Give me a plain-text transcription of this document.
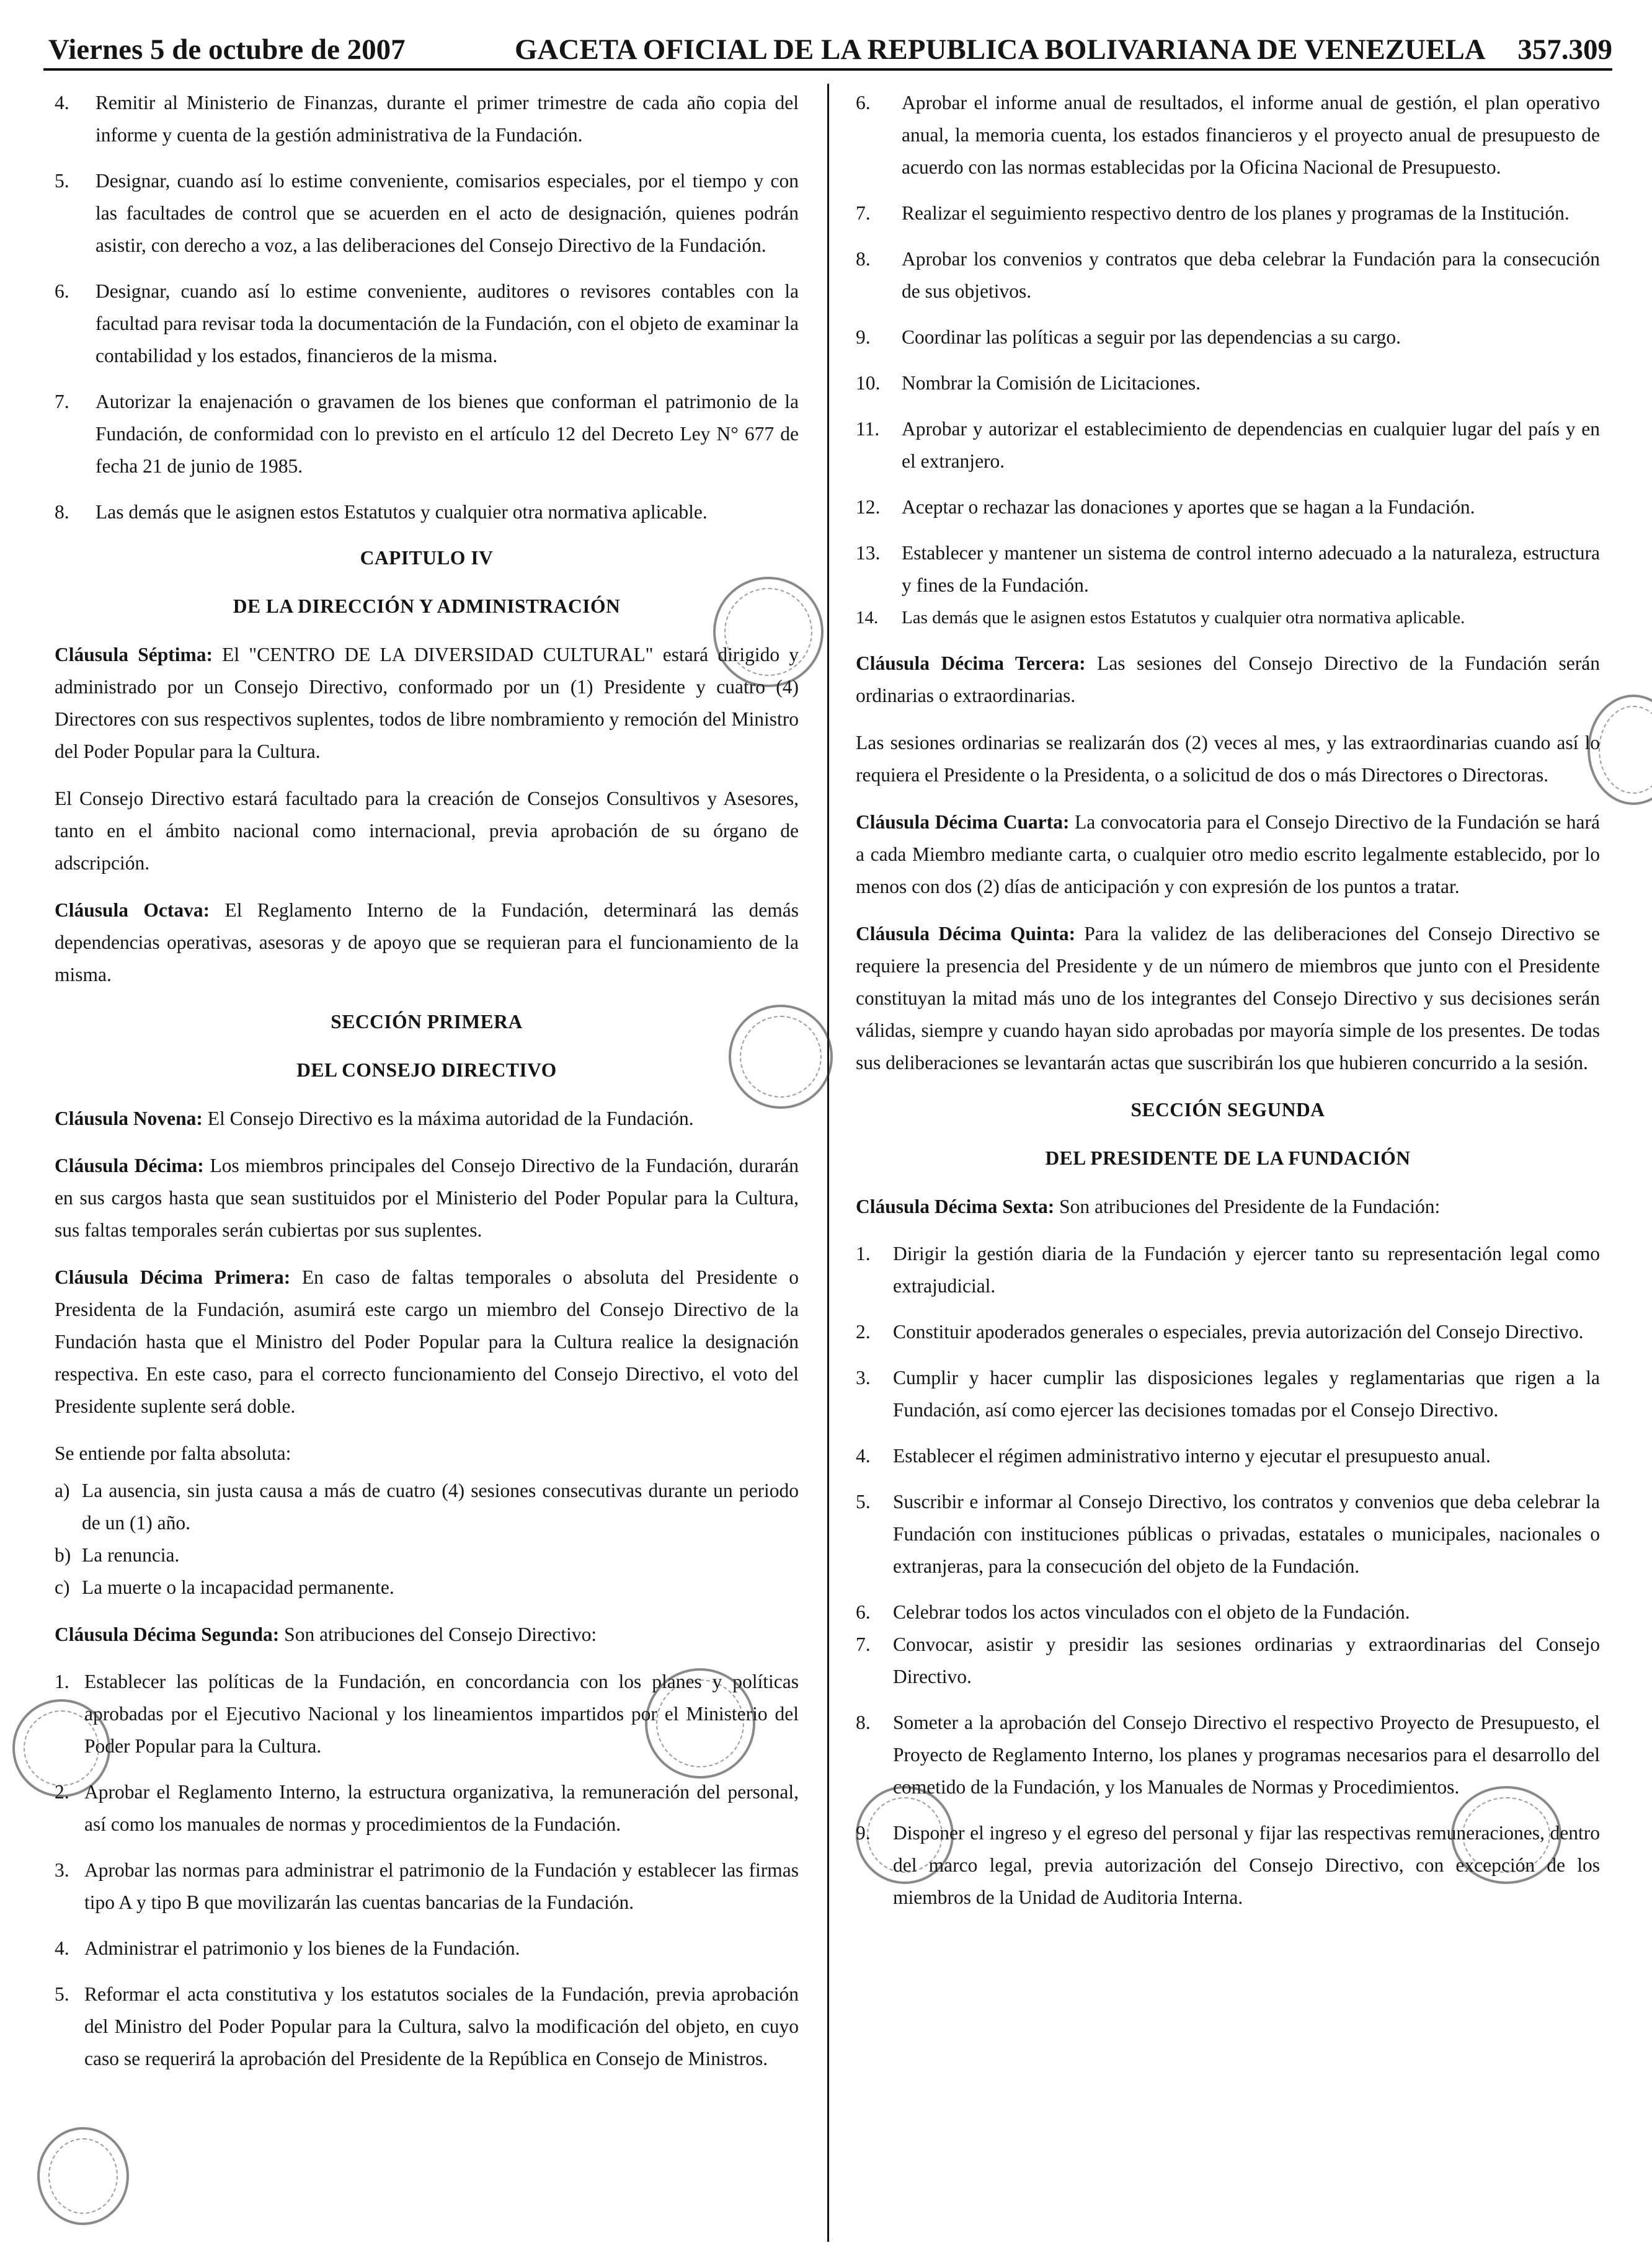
Viernes 5 de octubre de 2007	GACETA OFICIAL DE LA REPUBLICA BOLIVARIANA DE VENEZUELA 357.309
4. Remitir al Ministerio de Finanzas, durante el primer trimestre de cada año copia del informe y cuenta de la gestión administrativa de la Fundación.
5. Designar, cuando así lo estime conveniente, comisarios especiales, por el tiempo y con las facultades de control que se acuerden en el acto de designación, quienes podrán asistir, con derecho a voz, a las deliberaciones del Consejo Directivo de la Fundación.
6. Designar, cuando así lo estime conveniente, auditores o revisores contables con la facultad para revisar toda la documentación de la Fundación, con el objeto de examinar la contabilidad y los estados, financieros de la misma.
7. Autorizar la enajenación o gravamen de los bienes que conforman el patrimonio de la Fundación, de conformidad con lo previsto en el artículo 12 del Decreto Ley N° 677 de fecha 21 de junio de 1985.
8. Las demás que le asignen estos Estatutos y cualquier otra normativa aplicable.
CAPITULO IV
DE LA DIRECCIÓN Y ADMINISTRACIÓN

Cláusula Séptima: El "CENTRO DE LA DIVERSIDAD CULTURAL" estará dirigido y administrado por un Consejo Directivo, conformado por un (1) Presidente y cuatro (4) Directores con sus respectivos suplentes, todos de libre nombramiento y remoción del Ministro del Poder Popular para la Cultura.

El Consejo Directivo estará facultado para la creación de Consejos Consultivos y Asesores, tanto en el ámbito nacional como internacional, previa aprobación de su órgano de adscripción.

Cláusula Octava: El Reglamento Interno de la Fundación, determinará las demás dependencias operativas, asesoras y de apoyo que se requieran para el funcionamiento de la misma.

SECCIÓN PRIMERA
DEL CONSEJO DIRECTIVO

Cláusula Novena: El Consejo Directivo es la máxima autoridad de la Fundación.

Cláusula Décima: Los miembros principales del Consejo Directivo de la Fundación, durarán en sus cargos hasta que sean sustituidos por el Ministerio del Poder Popular para la Cultura, sus faltas temporales serán cubiertas por sus suplentes.

Cláusula Décima Primera: En caso de faltas temporales o absoluta del Presidente o Presidenta de la Fundación, asumirá este cargo un miembro del Consejo Directivo de la Fundación hasta que el Ministro del Poder Popular para la Cultura realice la designación respectiva. En este caso, para el correcto funcionamiento del Consejo Directivo, el voto del Presidente suplente será doble.

Se entiende por falta absoluta:

a) La ausencia, sin justa causa a más de cuatro (4) sesiones consecutivas durante un periodo de un (1) año.
b) La renuncia.
c) La muerte o la incapacidad permanente.

Cláusula Décima Segunda: Son atribuciones del Consejo Directivo:

1. Establecer las políticas de la Fundación, en concordancia con los planes y políticas aprobadas por el Ejecutivo Nacional y los lineamientos impartidos por el Ministerio del Poder Popular para la Cultura.
2. Aprobar el Reglamento Interno, la estructura organizativa, la remuneración del personal, así como los manuales de normas y procedimientos de la Fundación.
3. Aprobar las normas para administrar el patrimonio de la Fundación y establecer las firmas tipo A y tipo B que movilizarán las cuentas bancarias de la Fundación.
4. Administrar el patrimonio y los bienes de la Fundación.
5. Reformar el acta constitutiva y los estatutos sociales de la Fundación, previa aprobación del Ministro del Poder Popular para la Cultura, salvo la modificación del objeto, en cuyo caso se requerirá la aprobación del Presidente de la República en Consejo de Ministros.
6. Aprobar el informe anual de resultados, el informe anual de gestión, el plan operativo anual, la memoria cuenta, los estados financieros y el proyecto anual de presupuesto de acuerdo con las normas establecidas por la Oficina Nacional de Presupuesto.
7. Realizar el seguimiento respectivo dentro de los planes y programas de la Institución.
8. Aprobar los convenios y contratos que deba celebrar la Fundación para la consecución de sus objetivos.
9. Coordinar las políticas a seguir por las dependencias a su cargo.
10. Nombrar la Comisión de Licitaciones.
11. Aprobar y autorizar el establecimiento de dependencias en cualquier lugar del país y en el extranjero.
12. Aceptar o rechazar las donaciones y aportes que se hagan a la Fundación.
13. Establecer y mantener un sistema de control interno adecuado a la naturaleza, estructura y fines de la Fundación.
14. Las demás que le asignen estos Estatutos y cualquier otra normativa aplicable.

Cláusula Décima Tercera: Las sesiones del Consejo Directivo de la Fundación serán ordinarias o extraordinarias.

Las sesiones ordinarias se realizarán dos (2) veces al mes, y las extraordinarias cuando así lo requiera el Presidente o la Presidenta, o a solicitud de dos o más Directores o Directoras.

Cláusula Décima Cuarta: La convocatoria para el Consejo Directivo de la Fundación se hará a cada Miembro mediante carta, o cualquier otro medio escrito legalmente establecido, por lo menos con dos (2) días de anticipación y con expresión de los puntos a tratar.

Cláusula Décima Quinta: Para la validez de las deliberaciones del Consejo Directivo se requiere la presencia del Presidente y de un número de miembros que junto con el Presidente constituyan la mitad más uno de los integrantes del Consejo Directivo y sus decisiones serán válidas, siempre y cuando hayan sido aprobadas por mayoría simple de los presentes. De todas sus deliberaciones se levantarán actas que suscribirán los que hubieren concurrido a la sesión.

SECCIÓN SEGUNDA
DEL PRESIDENTE DE LA FUNDACIÓN

Cláusula Décima Sexta: Son atribuciones del Presidente de la Fundación:

1. Dirigir la gestión diaria de la Fundación y ejercer tanto su representación legal como extrajudicial.
2. Constituir apoderados generales o especiales, previa autorización del Consejo Directivo.
3. Cumplir y hacer cumplir las disposiciones legales y reglamentarias que rigen a la Fundación, así como ejercer las decisiones tomadas por el Consejo Directivo.
4. Establecer el régimen administrativo interno y ejecutar el presupuesto anual.
5. Suscribir e informar al Consejo Directivo, los contratos y convenios que deba celebrar la Fundación con instituciones públicas o privadas, estatales o municipales, nacionales o extranjeras, para la consecución del objeto de la Fundación.
6. Celebrar todos los actos vinculados con el objeto de la Fundación.
7. Convocar, asistir y presidir las sesiones ordinarias y extraordinarias del Consejo Directivo.
8. Someter a la aprobación del Consejo Directivo el respectivo Proyecto de Presupuesto, el Proyecto de Reglamento Interno, los planes y programas necesarios para el desarrollo del cometido de la Fundación, y los Manuales de Normas y Procedimientos.
9. Disponer el ingreso y el egreso del personal y fijar las respectivas remuneraciones, dentro del marco legal, previa autorización del Consejo Directivo, con excepción de los miembros de la Unidad de Auditoria Interna.
